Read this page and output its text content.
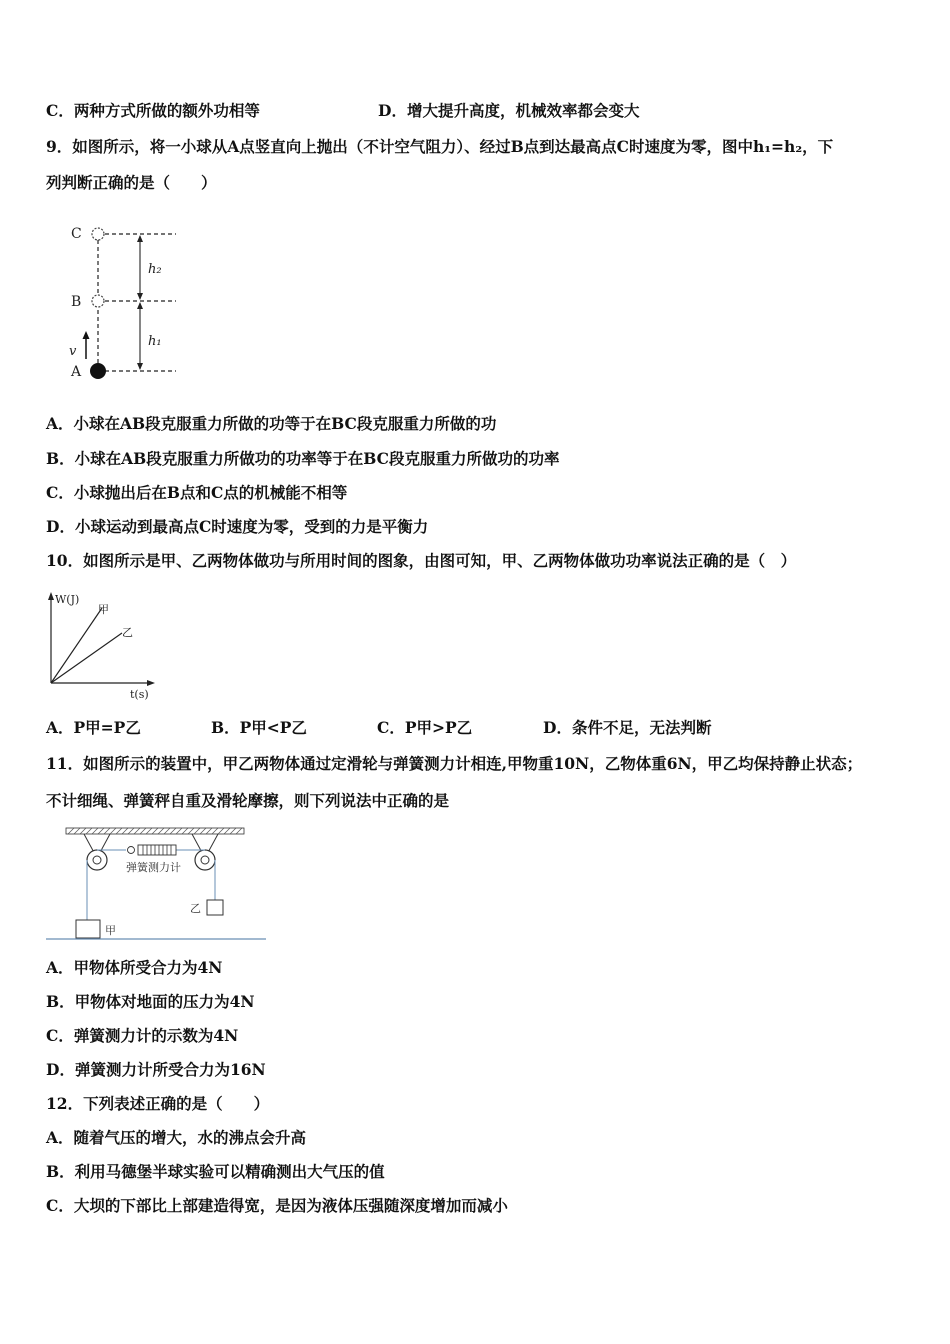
C．两种方式所做的额外功相等	D．增大提升高度，机械效率都会变大
9．如图所示，将一小球从A点竖直向上抛出（不计空气阻力）、经过B点到达最高点C时速度为零，图中h₁=h₂，下
列判断正确的是（　　）
C
B
A
v
h₂
h₁
A．小球在AB段克服重力所做的功等于在BC段克服重力所做的功
B．小球在AB段克服重力所做功的功率等于在BC段克服重力所做功的功率
C．小球抛出后在B点和C点的机械能不相等
D．小球运动到最高点C时速度为零，受到的力是平衡力
10．如图所示是甲、乙两物体做功与所用时间的图象，由图可知，甲、乙两物体做功功率说法正确的是（　）
W(J)
t(s)
甲
乙
A．P甲=P乙	B．P甲<P乙	C．P甲>P乙	D．条件不足，无法判断
11．如图所示的装置中，甲乙两物体通过定滑轮与弹簧测力计相连,甲物重10N，乙物体重6N，甲乙均保持静止状态；
不计细绳、弹簧秤自重及滑轮摩擦，则下列说法中正确的是
弹簧测力计
甲
乙
A．甲物体所受合力为4N
B．甲物体对地面的压力为4N
C．弹簧测力计的示数为4N
D．弹簧测力计所受合力为16N
12．下列表述正确的是（　　）
A．随着气压的增大，水的沸点会升高
B．利用马德堡半球实验可以精确测出大气压的值
C．大坝的下部比上部建造得宽，是因为液体压强随深度增加而减小
